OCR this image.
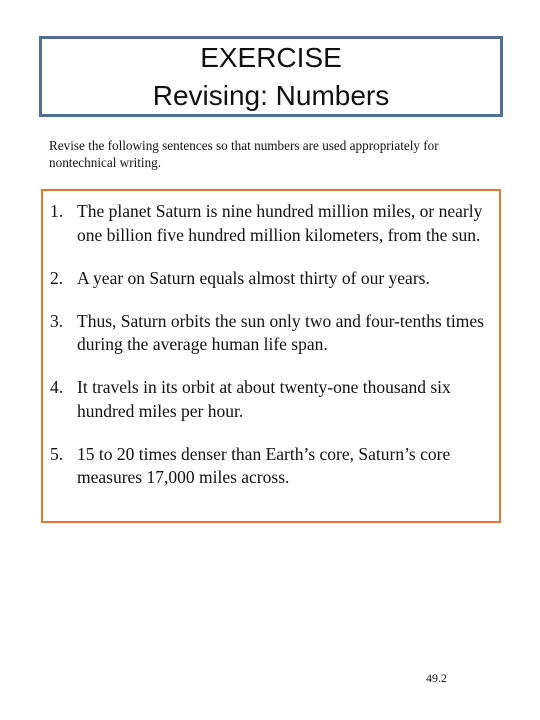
EXERCISE
Revising: Numbers
Revise the following sentences so that numbers are used appropriately for nontechnical writing.
1. The planet Saturn is nine hundred million miles, or nearly one billion five hundred million kilometers, from the sun.
2. A year on Saturn equals almost thirty of our years.
3. Thus, Saturn orbits the sun only two and four-tenths times during the average human life span.
4. It travels in its orbit at about twenty-one thousand six hundred miles per hour.
5. 15 to 20 times denser than Earth’s core, Saturn’s core measures 17,000 miles across.
49.2
